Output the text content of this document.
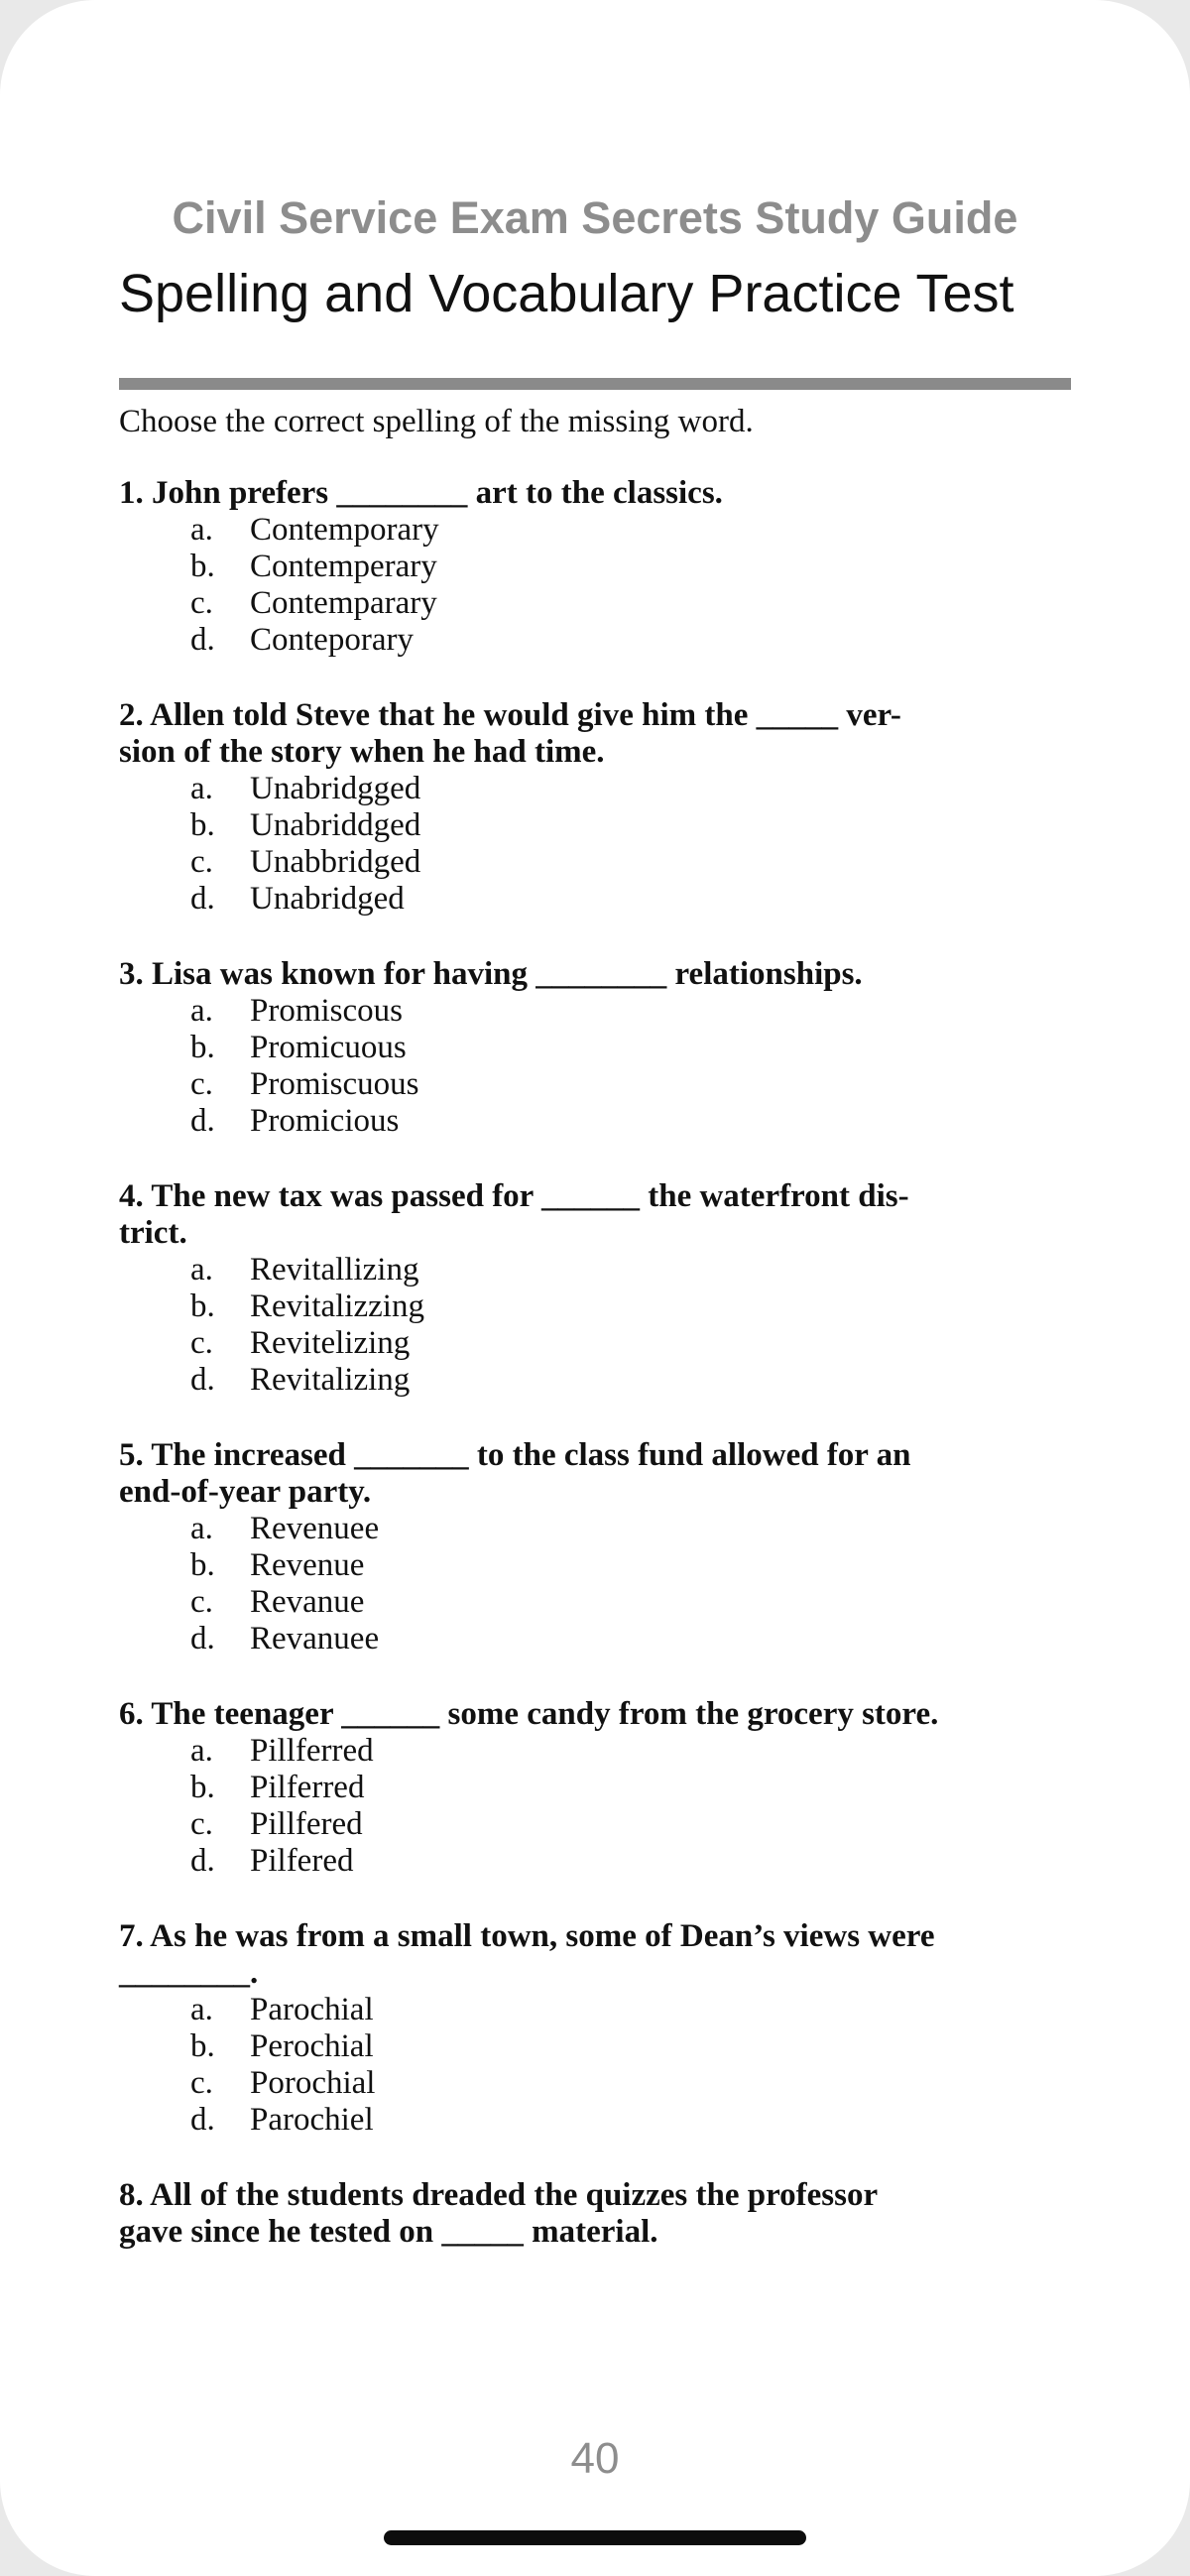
Civil Service Exam Secrets Study Guide

Spelling and Vocabulary Practice Test

Choose the correct spelling of the missing word.

1. John prefers ________ art to the classics.

a.	Contemporary
b.	Contemperary
c.	Contemparary
d.	Conteporary

2. Allen told Steve that he would give him the _____ ver-

sion of the story when he had time.

a.	Unabridgged
b.	Unabriddged
c.	Unabbridged
d.	Unabridged

3. Lisa was known for having ________ relationships.

a.	Promiscous
b.	Promicuous
c.	Promiscuous
d.	Promicious

4. The new tax was passed for ______ the waterfront dis-

trict.

a.	Revitallizing
b.	Revitalizzing
c.	Revitelizing
d.	Revitalizing

5. The increased _______ to the class fund allowed for an

end-of-year party.

a.	Revenuee
b.	Revenue
c.	Revanue
d.	Revanuee

6. The teenager ______ some candy from the grocery store.

a.	Pillferred
b.	Pilferred
c.	Pillfered
d.	Pilfered

7. As he was from a small town, some of Dean’s views were

________.

a.	Parochial
b.	Perochial
c.	Porochial
d.	Parochiel

8. All of the students dreaded the quizzes the professor

gave since he tested on _____ material.

40
